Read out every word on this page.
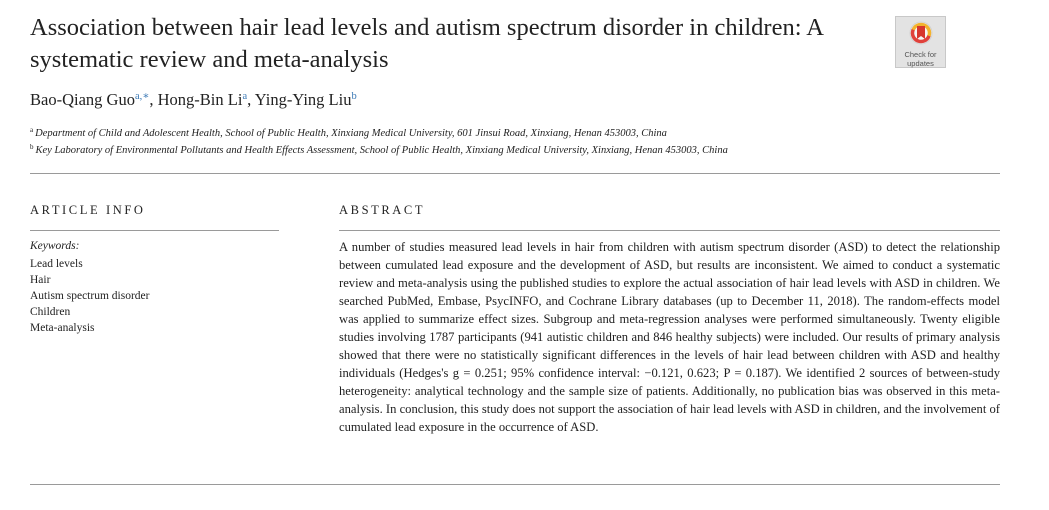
Association between hair lead levels and autism spectrum disorder in children: A systematic review and meta-analysis	Check for
updates
Bao-Qiang Guo$^{a,∗}$, Hong-Bin Li$^a$, Ying-Ying Liu$^b$
$^a$ Department of Child and Adolescent Health, School of Public Health, Xinxiang Medical University, 601 Jinsui Road, Xinxiang, Henan 453003, China
$^b$ Key Laboratory of Environmental Pollutants and Health Effects Assessment, School of Public Health, Xinxiang Medical University, Xinxiang, Henan 453003, China
ARTICLE INFO	ABSTRACT
Keywords:
Lead levels
Hair
Autism spectrum disorder
Children
Meta-analysis

A number of studies measured lead levels in hair from children with autism spectrum disorder (ASD) to detect the relationship between cumulated lead exposure and the development of ASD, but results are inconsistent. We aimed to conduct a systematic review and meta-analysis using the published studies to explore the actual association of hair lead levels with ASD in children. We searched PubMed, Embase, PsycINFO, and Cochrane Library databases (up to December 11, 2018). The random-effects model was applied to summarize effect sizes. Subgroup and meta-regression analyses were performed simultaneously. Twenty eligible studies involving 1787 participants (941 autistic children and 846 healthy subjects) were included. Our results of primary analysis showed that there were no statistically significant differences in the levels of hair lead between children with ASD and healthy individuals (Hedges's g = 0.251; 95% confidence interval: −0.121, 0.623; P = 0.187). We identified 2 sources of between-study heterogeneity: analytical technology and the sample size of patients. Additionally, no publication bias was observed in this meta-analysis. In conclusion, this study does not support the association of hair lead levels with ASD in children, and the involvement of cumulated lead exposure in the occurrence of ASD.
